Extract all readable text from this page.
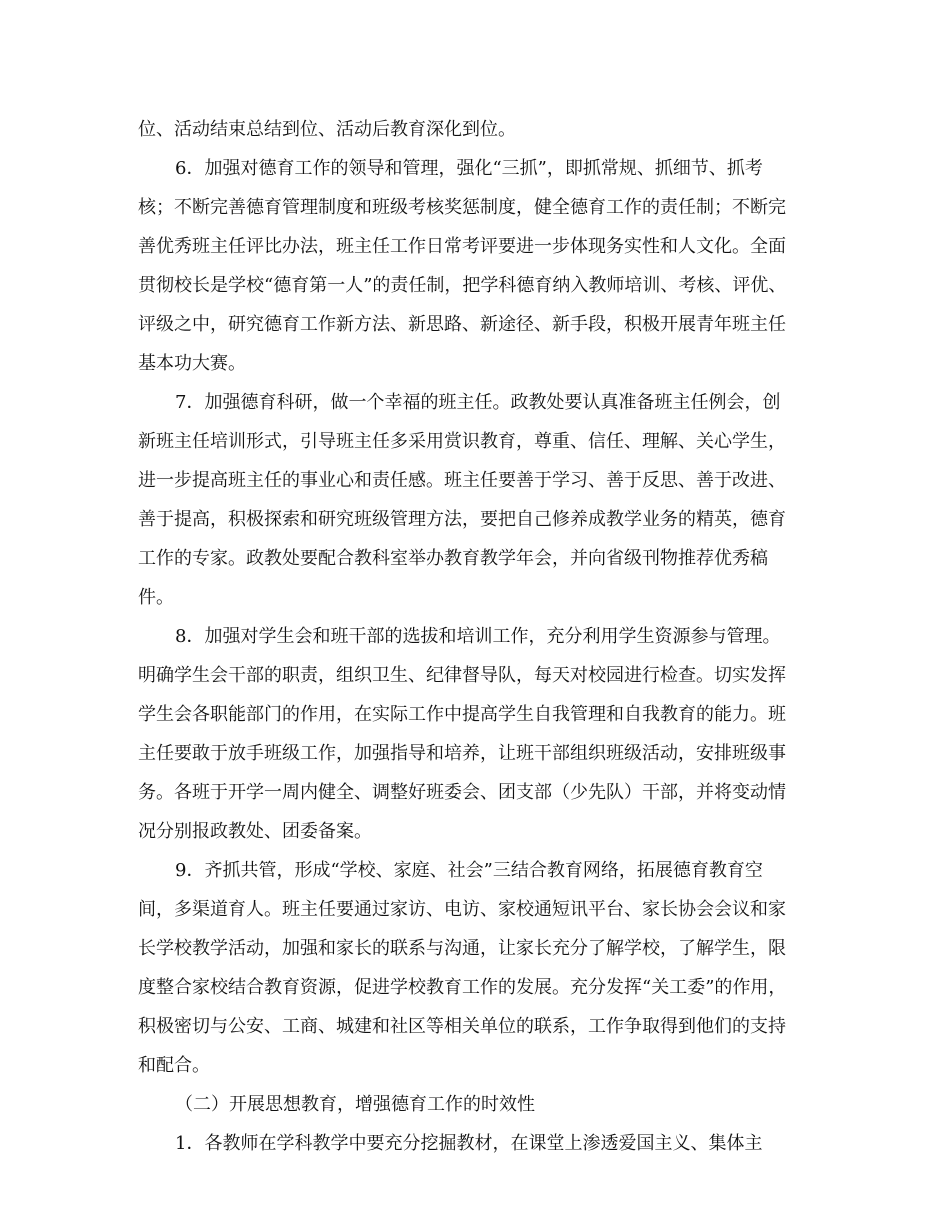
位、活动结束总结到位、活动后教育深化到位。
6．加强对德育工作的领导和管理，强化“三抓”，即抓常规、抓细节、抓考
核；不断完善德育管理制度和班级考核奖惩制度，健全德育工作的责任制；不断完
善优秀班主任评比办法，班主任工作日常考评要进一步体现务实性和人文化。全面
贯彻校长是学校“德育第一人”的责任制，把学科德育纳入教师培训、考核、评优、
评级之中，研究德育工作新方法、新思路、新途径、新手段，积极开展青年班主任
基本功大赛。
7．加强德育科研，做一个幸福的班主任。政教处要认真准备班主任例会，创
新班主任培训形式，引导班主任多采用赏识教育，尊重、信任、理解、关心学生，
进一步提高班主任的事业心和责任感。班主任要善于学习、善于反思、善于改进、
善于提高，积极探索和研究班级管理方法，要把自己修养成教学业务的精英，德育
工作的专家。政教处要配合教科室举办教育教学年会，并向省级刊物推荐优秀稿
件。
8．加强对学生会和班干部的选拔和培训工作，充分利用学生资源参与管理。
明确学生会干部的职责，组织卫生、纪律督导队，每天对校园进行检查。切实发挥
学生会各职能部门的作用，在实际工作中提高学生自我管理和自我教育的能力。班
主任要敢于放手班级工作，加强指导和培养，让班干部组织班级活动，安排班级事
务。各班于开学一周内健全、调整好班委会、团支部（少先队）干部，并将变动情
况分别报政教处、团委备案。
9．齐抓共管，形成“学校、家庭、社会”三结合教育网络，拓展德育教育空
间，多渠道育人。班主任要通过家访、电访、家校通短讯平台、家长协会会议和家
长学校教学活动，加强和家长的联系与沟通，让家长充分了解学校，了解学生，限
度整合家校结合教育资源，促进学校教育工作的发展。充分发挥“关工委”的作用，
积极密切与公安、工商、城建和社区等相关单位的联系，工作争取得到他们的支持
和配合。
（二）开展思想教育，增强德育工作的时效性
1．各教师在学科教学中要充分挖掘教材，在课堂上渗透爱国主义、集体主
